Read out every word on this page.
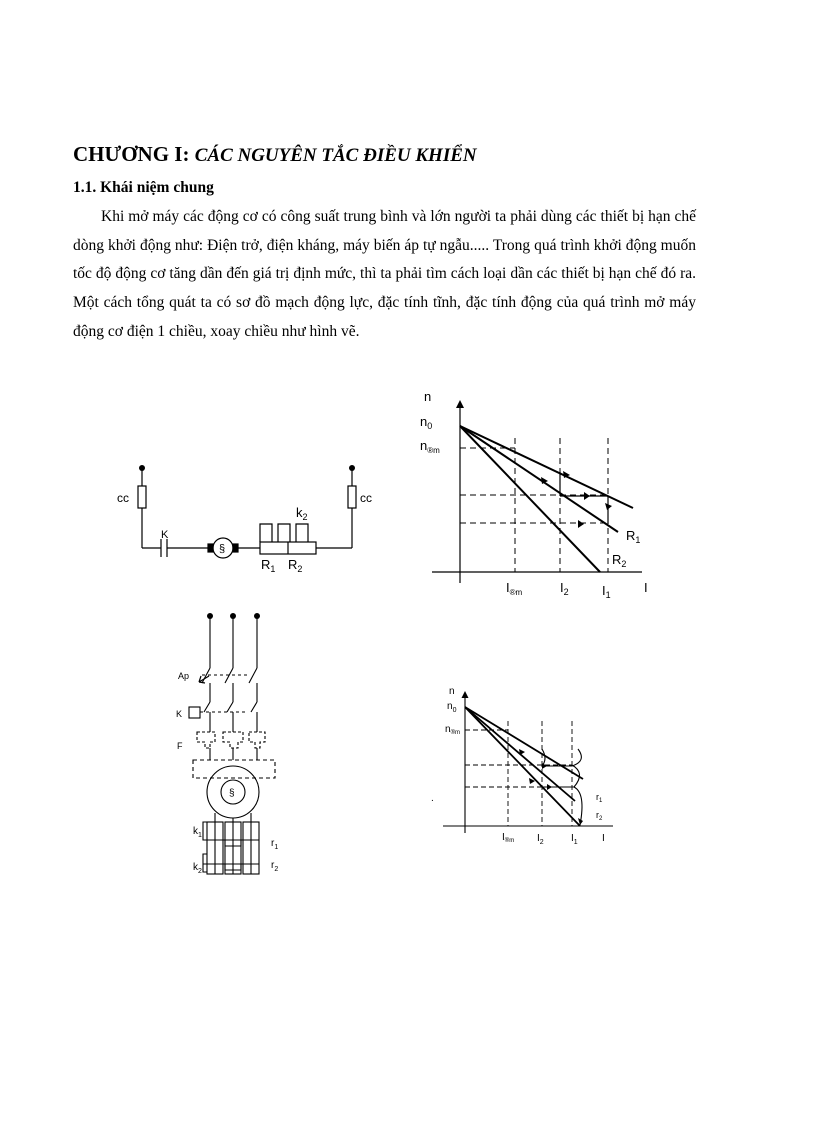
CHƯƠNG I: CÁC NGUYÊN TẮC ĐIỀU KHIỂN
1.1. Khái niệm chung
Khi mở máy các động cơ có công suất trung bình và lớn người ta phải dùng các thiết bị hạn chế dòng khởi động như: Điện trở, điện kháng, máy biến áp tự ngẫu..... Trong quá trình khởi động muốn tốc độ động cơ tăng dần đến giá trị định mức, thì ta phải tìm cách loại dần các thiết bị hạn chế đó ra. Một cách tổng quát ta có sơ đồ mạch động lực, đặc tính tĩnh, đặc tính động của quá trình mở máy động cơ điện 1 chiều, xoay chiều như hình vẽ.
cc	cc
K
§
$k_2$
$R_1$ $R_2$
n
$n_0$
$n_{®m}$
I
$I_{®m}$	$I_2$	$I_1$
$R_1$
$R_2$
Ap
K
F
§
$k_1$
$k_2$
$r_1$
$r_2$
n
$n_0$
$n_{®m}$
I
$I_{®m}$ $I_2$	$I_1$
$r_1$
$r_2$
.
